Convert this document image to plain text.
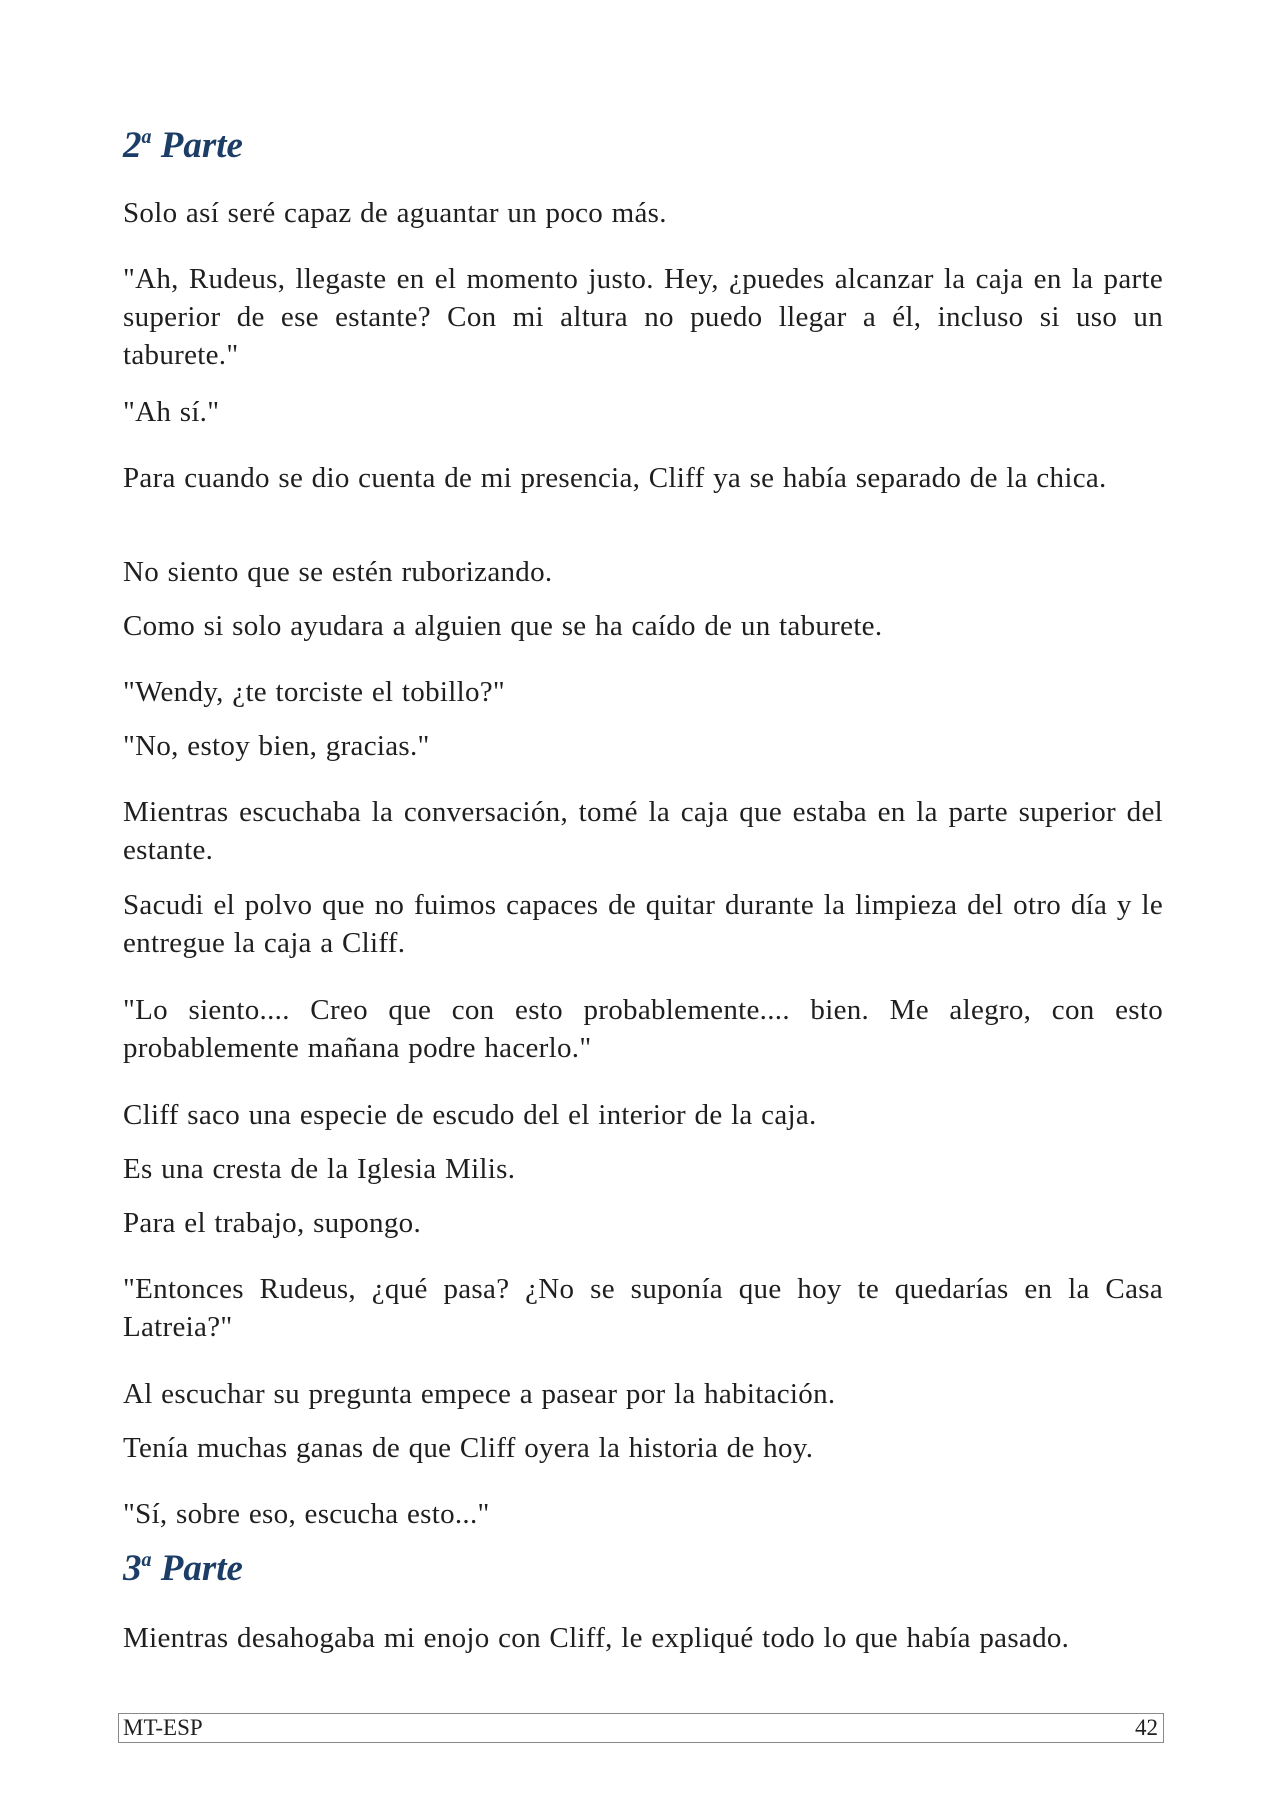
2$^a$ Parte

Solo así seré capaz de aguantar un poco más.

"Ah, Rudeus, llegaste en el momento justo. Hey, ¿puedes alcanzar la caja en la parte superior de ese estante? Con mi altura no puedo llegar a él, incluso si uso un taburete."

"Ah sí."

Para cuando se dio cuenta de mi presencia, Cliff ya se había separado de la chica.

No siento que se estén ruborizando.

Como si solo ayudara a alguien que se ha caído de un taburete.

"Wendy, ¿te torciste el tobillo?"

"No, estoy bien, gracias."

Mientras escuchaba la conversación, tomé la caja que estaba en la parte superior del estante.

Sacudi el polvo que no fuimos capaces de quitar durante la limpieza del otro día y le entregue la caja a Cliff.

"Lo siento.... Creo que con esto probablemente.... bien. Me alegro, con esto probablemente mañana podre hacerlo."

Cliff saco una especie de escudo del el interior de la caja.

Es una cresta de la Iglesia Milis.

Para el trabajo, supongo.

"Entonces Rudeus, ¿qué pasa? ¿No se suponía que hoy te quedarías en la Casa Latreia?"

Al escuchar su pregunta empece a pasear por la habitación.

Tenía muchas ganas de que Cliff oyera la historia de hoy.

"Sí, sobre eso, escucha esto..."

3$^a$ Parte

Mientras desahogaba mi enojo con Cliff, le expliqué todo lo que había pasado.

MT-ESP	42
